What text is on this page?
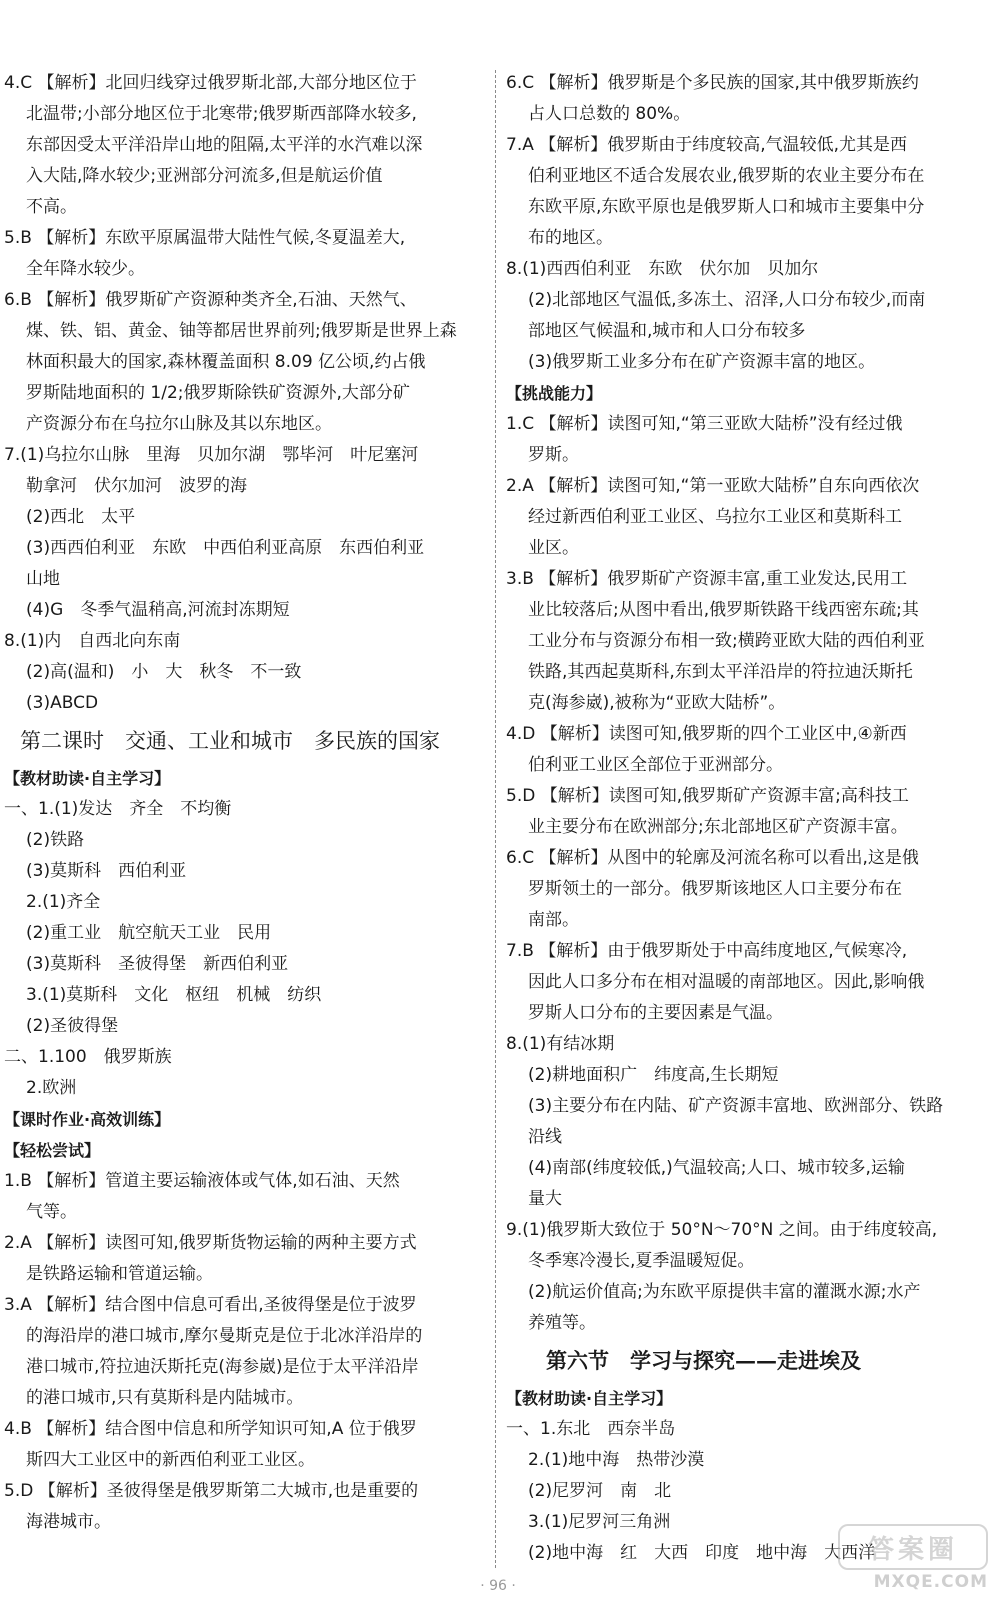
4.C 【解析】北回归线穿过俄罗斯北部,大部分地区位于
北温带;小部分地区位于北寒带;俄罗斯西部降水较多,
东部因受太平洋沿岸山地的阻隔,太平洋的水汽难以深
入大陆,降水较少;亚洲部分河流多,但是航运价值
不高。
5.B 【解析】东欧平原属温带大陆性气候,冬夏温差大,
全年降水较少。
6.B 【解析】俄罗斯矿产资源种类齐全,石油、天然气、
煤、铁、铝、黄金、铀等都居世界前列;俄罗斯是世界上森
林面积最大的国家,森林覆盖面积 8.09 亿公顷,约占俄
罗斯陆地面积的 1/2;俄罗斯除铁矿资源外,大部分矿
产资源分布在乌拉尔山脉及其以东地区。
7.(1)乌拉尔山脉　里海　贝加尔湖　鄂毕河　叶尼塞河
勒拿河　伏尔加河　波罗的海
(2)西北　太平
(3)西西伯利亚　东欧　中西伯利亚高原　东西伯利亚
山地
(4)G　冬季气温稍高,河流封冻期短
8.(1)内　自西北向东南
(2)高(温和)　小　大　秋冬　不一致
(3)ABCD
第二课时　交通、工业和城市　多民族的国家
【教材助读·自主学习】
一、1.(1)发达　齐全　不均衡
(2)铁路
(3)莫斯科　西伯利亚
2.(1)齐全
(2)重工业　航空航天工业　民用
(3)莫斯科　圣彼得堡　新西伯利亚
3.(1)莫斯科　文化　枢纽　机械　纺织
(2)圣彼得堡
二、1.100　俄罗斯族
2.欧洲
【课时作业·高效训练】
【轻松尝试】
1.B 【解析】管道主要运输液体或气体,如石油、天然
气等。
2.A 【解析】读图可知,俄罗斯货物运输的两种主要方式
是铁路运输和管道运输。
3.A 【解析】结合图中信息可看出,圣彼得堡是位于波罗
的海沿岸的港口城市,摩尔曼斯克是位于北冰洋沿岸的
港口城市,符拉迪沃斯托克(海参崴)是位于太平洋沿岸
的港口城市,只有莫斯科是内陆城市。
4.B 【解析】结合图中信息和所学知识可知,A 位于俄罗
斯四大工业区中的新西伯利亚工业区。
5.D 【解析】圣彼得堡是俄罗斯第二大城市,也是重要的
海港城市。
6.C 【解析】俄罗斯是个多民族的国家,其中俄罗斯族约
占人口总数的 80%。
7.A 【解析】俄罗斯由于纬度较高,气温较低,尤其是西
伯利亚地区不适合发展农业,俄罗斯的农业主要分布在
东欧平原,东欧平原也是俄罗斯人口和城市主要集中分
布的地区。
8.(1)西西伯利亚　东欧　伏尔加　贝加尔
(2)北部地区气温低,多冻土、沼泽,人口分布较少,而南
部地区气候温和,城市和人口分布较多
(3)俄罗斯工业多分布在矿产资源丰富的地区。
【挑战能力】
1.C 【解析】读图可知,“第三亚欧大陆桥”没有经过俄
罗斯。
2.A 【解析】读图可知,“第一亚欧大陆桥”自东向西依次
经过新西伯利亚工业区、乌拉尔工业区和莫斯科工
业区。
3.B 【解析】俄罗斯矿产资源丰富,重工业发达,民用工
业比较落后;从图中看出,俄罗斯铁路干线西密东疏;其
工业分布与资源分布相一致;横跨亚欧大陆的西伯利亚
铁路,其西起莫斯科,东到太平洋沿岸的符拉迪沃斯托
克(海参崴),被称为“亚欧大陆桥”。
4.D 【解析】读图可知,俄罗斯的四个工业区中,④新西
伯利亚工业区全部位于亚洲部分。
5.D 【解析】读图可知,俄罗斯矿产资源丰富;高科技工
业主要分布在欧洲部分;东北部地区矿产资源丰富。
6.C 【解析】从图中的轮廓及河流名称可以看出,这是俄
罗斯领土的一部分。俄罗斯该地区人口主要分布在
南部。
7.B 【解析】由于俄罗斯处于中高纬度地区,气候寒冷,
因此人口多分布在相对温暖的南部地区。因此,影响俄
罗斯人口分布的主要因素是气温。
8.(1)有结冰期
(2)耕地面积广　纬度高,生长期短
(3)主要分布在内陆、矿产资源丰富地、欧洲部分、铁路
沿线
(4)南部(纬度较低,)气温较高;人口、城市较多,运输
量大
9.(1)俄罗斯大致位于 50°N～70°N 之间。由于纬度较高,
冬季寒冷漫长,夏季温暖短促。
(2)航运价值高;为东欧平原提供丰富的灌溉水源;水产
养殖等。
第六节　学习与探究——走进埃及
【教材助读·自主学习】
一、1.东北　西奈半岛
2.(1)地中海　热带沙漠
(2)尼罗河　南　北
3.(1)尼罗河三角洲
(2)地中海　红　大西　印度　地中海　大西洋
· 96 ·
答案圈
MXQE.COM
